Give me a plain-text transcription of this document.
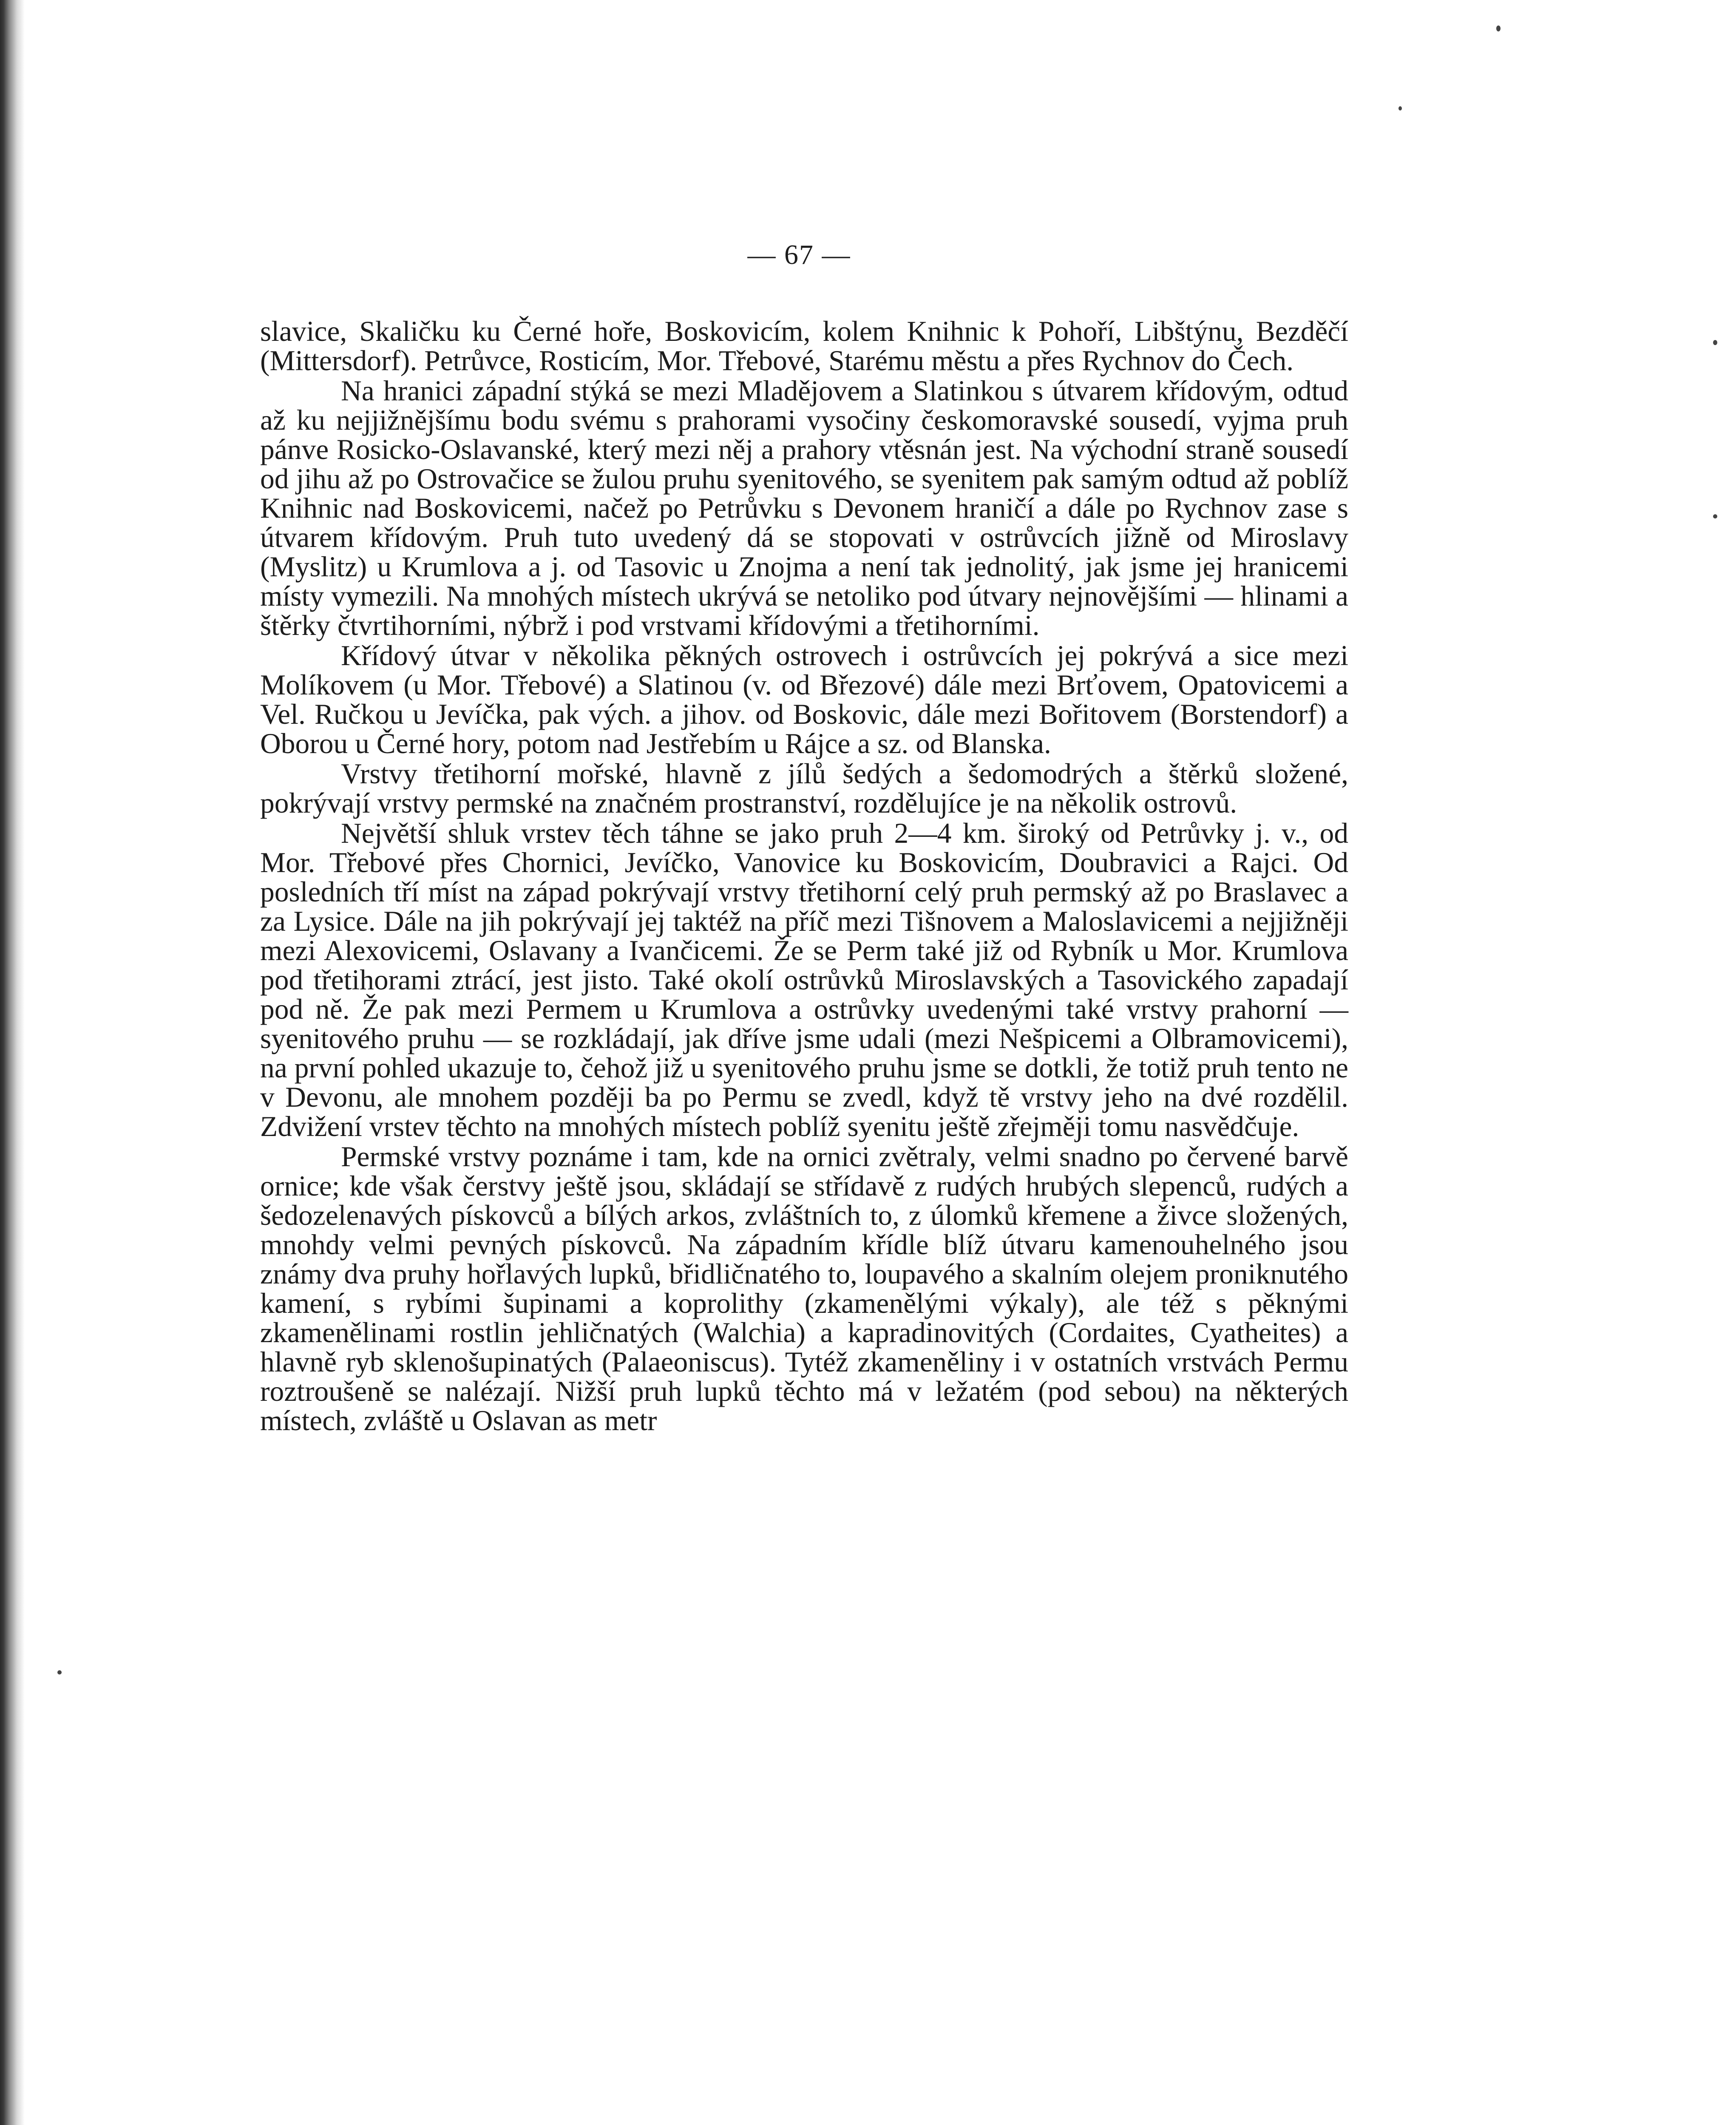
— 67 —

slavice, Skaličku ku Černé hoře, Boskovicím, kolem Knihnic k Pohoří, Libštýnu, Bezděčí (Mittersdorf). Petrůvce, Rosticím, Mor. Třebové, Starému městu a přes Rychnov do Čech.

Na hranici západní stýká se mezi Mladějovem a Slatinkou s útvarem křídovým, odtud až ku nejjižnějšímu bodu svému s prahorami vysočiny českomoravské sousedí, vyjma pruh pánve Rosicko-Oslavanské, který mezi něj a prahory vtěsnán jest. Na východní straně sousedí od jihu až po Ostrovačice se žulou pruhu syenitového, se syenitem pak samým odtud až poblíž Knihnic nad Boskovicemi, načež po Petrůvku s Devonem hraničí a dále po Rychnov zase s útvarem křídovým. Pruh tuto uvedený dá se stopovati v ostrůvcích jižně od Miroslavy (Myslitz) u Krumlova a j. od Tasovic u Znojma a není tak jednolitý, jak jsme jej hranicemi místy vymezili. Na mnohých místech ukrývá se netoliko pod útvary nejnovějšími — hlinami a štěrky čtvrtihorními, nýbrž i pod vrstvami křídovými a třetihorními.

Křídový útvar v několika pěkných ostrovech i ostrůvcích jej pokrývá a sice mezi Molíkovem (u Mor. Třebové) a Slatinou (v. od Březové) dále mezi Brťovem, Opatovicemi a Vel. Ručkou u Jevíčka, pak vých. a jihov. od Boskovic, dále mezi Bořitovem (Borstendorf) a Oborou u Černé hory, potom nad Jestřebím u Rájce a sz. od Blanska.

Vrstvy třetihorní mořské, hlavně z jílů šedých a šedomodrých a štěrků složené, pokrývají vrstvy permské na značném prostranství, rozdělujíce je na několik ostrovů.

Největší shluk vrstev těch táhne se jako pruh 2—4 km. široký od Petrůvky j. v., od Mor. Třebové přes Chornici, Jevíčko, Vanovice ku Boskovicím, Doubravici a Rajci. Od posledních tří míst na západ pokrývají vrstvy třetihorní celý pruh permský až po Braslavec a za Lysice. Dále na jih pokrývají jej taktéž na příč mezi Tišnovem a Maloslavicemi a nejjižněji mezi Alexovicemi, Oslavany a Ivančicemi. Že se Perm také již od Rybník u Mor. Krumlova pod třetihorami ztrácí, jest jisto. Také okolí ostrůvků Miroslavských a Tasovického zapadají pod ně. Že pak mezi Permem u Krumlova a ostrůvky uvedenými také vrstvy prahorní — syenitového pruhu — se rozkládají, jak dříve jsme udali (mezi Nešpicemi a Olbramovicemi), na první pohled ukazuje to, čehož již u syenitového pruhu jsme se dotkli, že totiž pruh tento ne v Devonu, ale mnohem později ba po Permu se zvedl, když tě vrstvy jeho na dvé rozdělil. Zdvižení vrstev těchto na mnohých místech poblíž syenitu ještě zřejměji tomu nasvědčuje.

Permské vrstvy poznáme i tam, kde na ornici zvětraly, velmi snadno po červené barvě ornice; kde však čerstvy ještě jsou, skládají se střídavě z rudých hrubých slepenců, rudých a šedozelenavých pískovců a bílých arkos, zvláštních to, z úlomků křemene a živce složených, mnohdy velmi pevných pískovců. Na západním křídle blíž útvaru kamenouhelného jsou známy dva pruhy hořlavých lupků, břidličnatého to, loupavého a skalním olejem proniknutého kamení, s rybími šupinami a koprolithy (zkamenělými výkaly), ale též s pěknými zkamenělinami rostlin jehličnatých (Walchia) a kapradinovitých (Cordaites, Cyatheites) a hlavně ryb sklenošupinatých (Palaeoniscus). Tytéž zkameněliny i v ostatních vrstvách Permu roztroušeně se nalézají. Nižší pruh lupků těchto má v ležatém (pod sebou) na některých místech, zvláště u Oslavan as metr
